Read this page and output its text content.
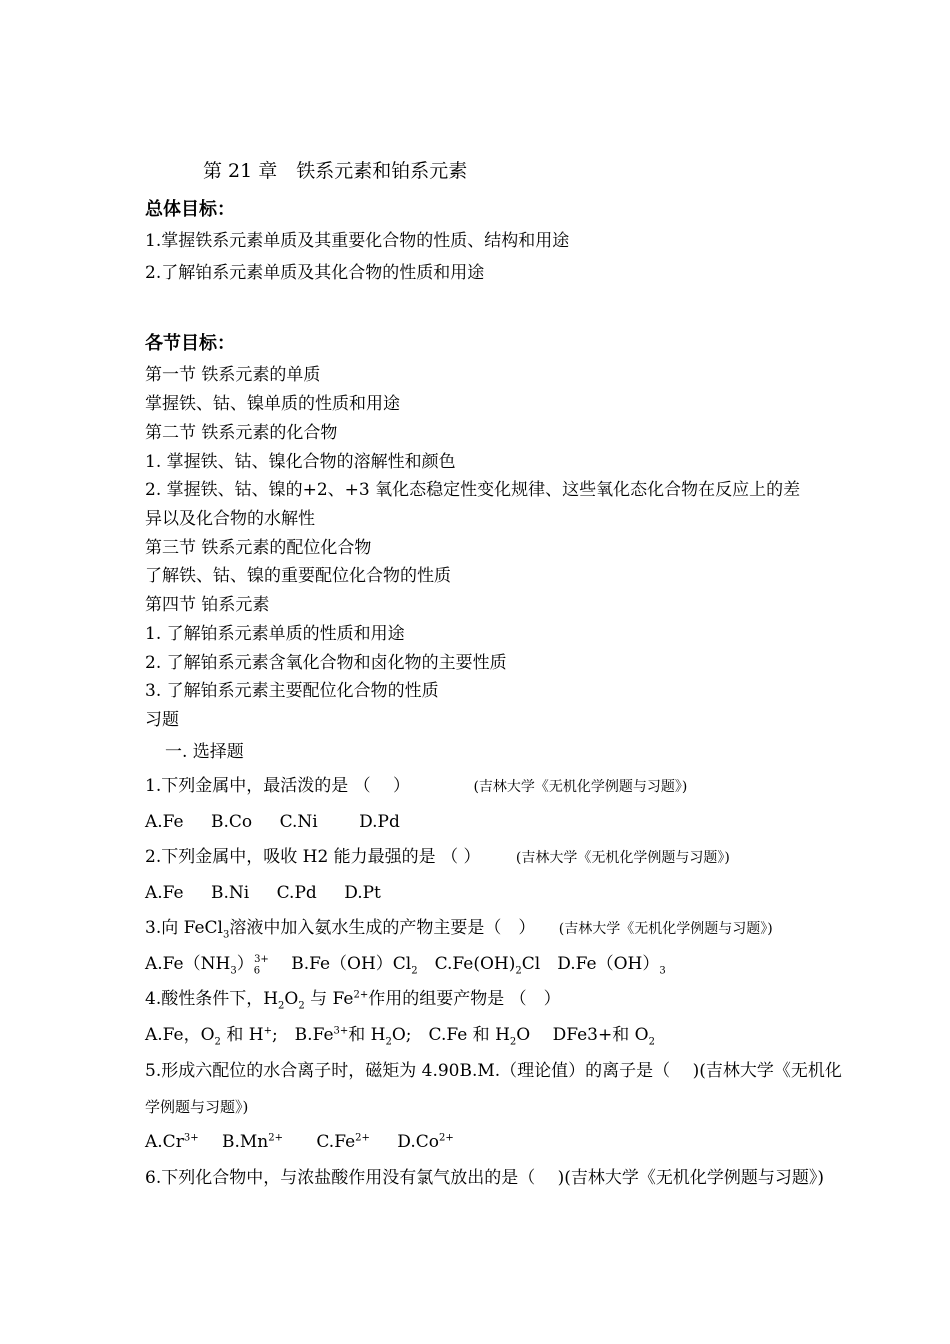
第 21 章　铁系元素和铂系元素
总体目标：
1.掌握铁系元素单质及其重要化合物的性质、结构和用途
2.了解铂系元素单质及其化合物的性质和用途
各节目标：
第一节 铁系元素的单质
掌握铁、钴、镍单质的性质和用途
第二节 铁系元素的化合物
1. 掌握铁、钴、镍化合物的溶解性和颜色
2. 掌握铁、钴、镍的+2、+3 氧化态稳定性变化规律、这些氧化态化合物在反应上的差
异以及化合物的水解性
第三节 铁系元素的配位化合物
了解铁、钴、镍的重要配位化合物的性质
第四节 铂系元素
1. 了解铂系元素单质的性质和用途
2. 了解铂系元素含氧化合物和卤化物的主要性质
3. 了解铂系元素主要配位化合物的性质
习题
一. 选择题
1.下列金属中，最活泼的是 （　 ）	(吉林大学《无机化学例题与习题》)
A.Fe B.Co C.Ni D.Pd
2.下列金属中，吸收 H2 能力最强的是 （ ）	(吉林大学《无机化学例题与习题》)
A.Fe B.Ni C.Pd D.Pt
3.向 FeCl$_3$溶液中加入氨水生成的产物主要是（　） (吉林大学《无机化学例题与习题》)
$A.Fe(NH_3)_6^{3+}$　 $B.Fe(OH)Cl_2$　$C.Fe(OH)_2Cl$　$D.Fe(OH)_3$
4.酸性条件下，$H_2O_2$ 与 $Fe^{2+}$作用的组要产物是 （　）
A.Fe，$O_2$ 和 H+;　$B.Fe^{3+}$和 $H_2O$;　C.Fe 和 $H_2O$　 DFe3+和 $O_2$
5.形成六配位的水合离子时，磁矩为 4.90B.M.（理论值）的离子是（　 )(吉林大学《无机化
学例题与习题》)
$A.Cr^{3+}$ $B.Mn^{2+}$ $C.Fe^{2+}$ $D.Co^{2+}$
6.下列化合物中，与浓盐酸作用没有氯气放出的是（　 )(吉林大学《无机化学例题与习题》)
